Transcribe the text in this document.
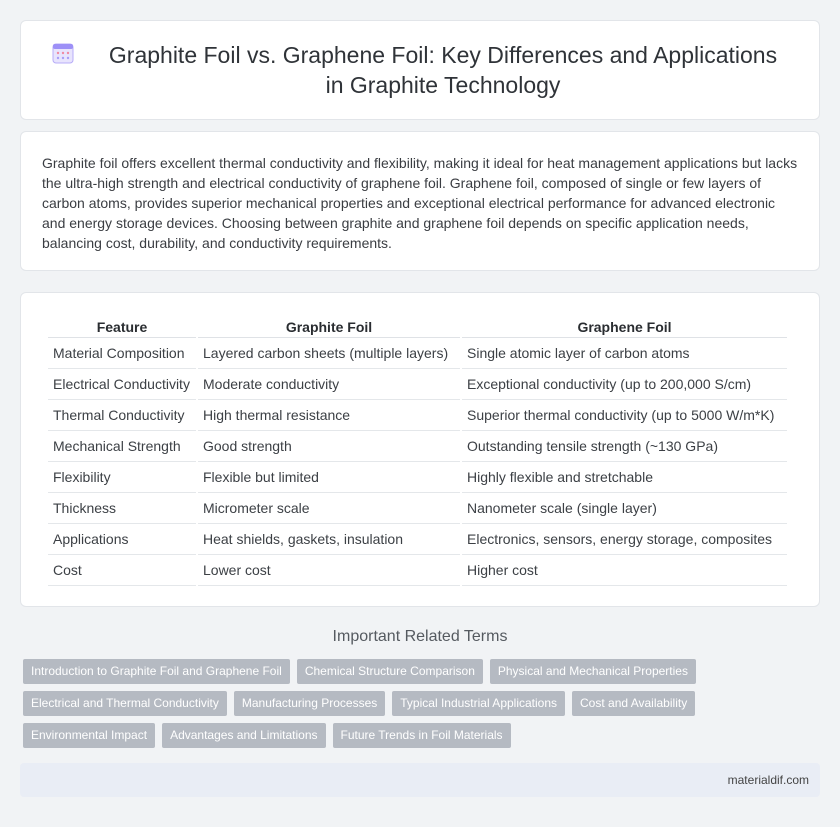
Graphite Foil vs. Graphene Foil: Key Differences and Applications in Graphite Technology

Graphite foil offers excellent thermal conductivity and flexibility, making it ideal for heat management applications but lacks the ultra-high strength and electrical conductivity of graphene foil. Graphene foil, composed of single or few layers of carbon atoms, provides superior mechanical properties and exceptional electrical performance for advanced electronic and energy storage devices. Choosing between graphite and graphene foil depends on specific application needs, balancing cost, durability, and conductivity requirements.

Feature	Graphite Foil	Graphene Foil
Material Composition	Layered carbon sheets (multiple layers)	Single atomic layer of carbon atoms
Electrical Conductivity	Moderate conductivity	Exceptional conductivity (up to 200,000 S/cm)
Thermal Conductivity	High thermal resistance	Superior thermal conductivity (up to 5000 W/m*K)
Mechanical Strength	Good strength	Outstanding tensile strength (~130 GPa)
Flexibility	Flexible but limited	Highly flexible and stretchable
Thickness	Micrometer scale	Nanometer scale (single layer)
Applications	Heat shields, gaskets, insulation	Electronics, sensors, energy storage, composites
Cost	Lower cost	Higher cost
Important Related Terms
Introduction to Graphite Foil and Graphene Foil	Chemical Structure Comparison	Physical and Mechanical Properties
Electrical and Thermal Conductivity	Manufacturing Processes	Typical Industrial Applications	Cost and Availability
Environmental Impact	Advantages and Limitations	Future Trends in Foil Materials
materialdif.com
